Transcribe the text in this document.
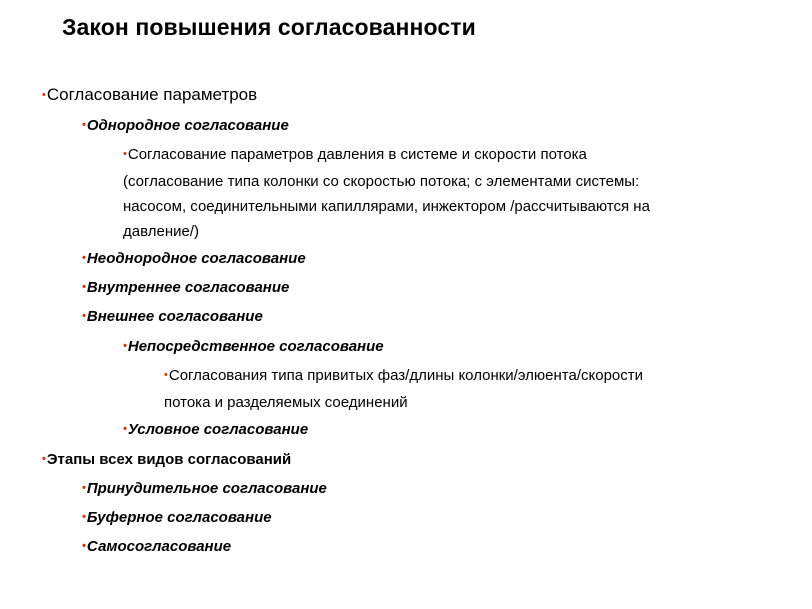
Закон повышения согласованности
•Согласование параметров
•Однородное согласование
•Согласование параметров давления в системе и скорости потока
(согласование типа колонки со скоростью потока; с элементами системы:
насосом, соединительными капиллярами, инжектором /рассчитываются на
давление/)
•Неоднородное согласование
•Внутреннее согласование
•Внешнее согласование
•Непосредственное согласование
•Согласования типа привитых фаз/длины колонки/элюента/скорости
потока и разделяемых соединений
•Условное согласование
•Этапы всех видов согласований
•Принудительное согласование
•Буферное согласование
•Самосогласование
